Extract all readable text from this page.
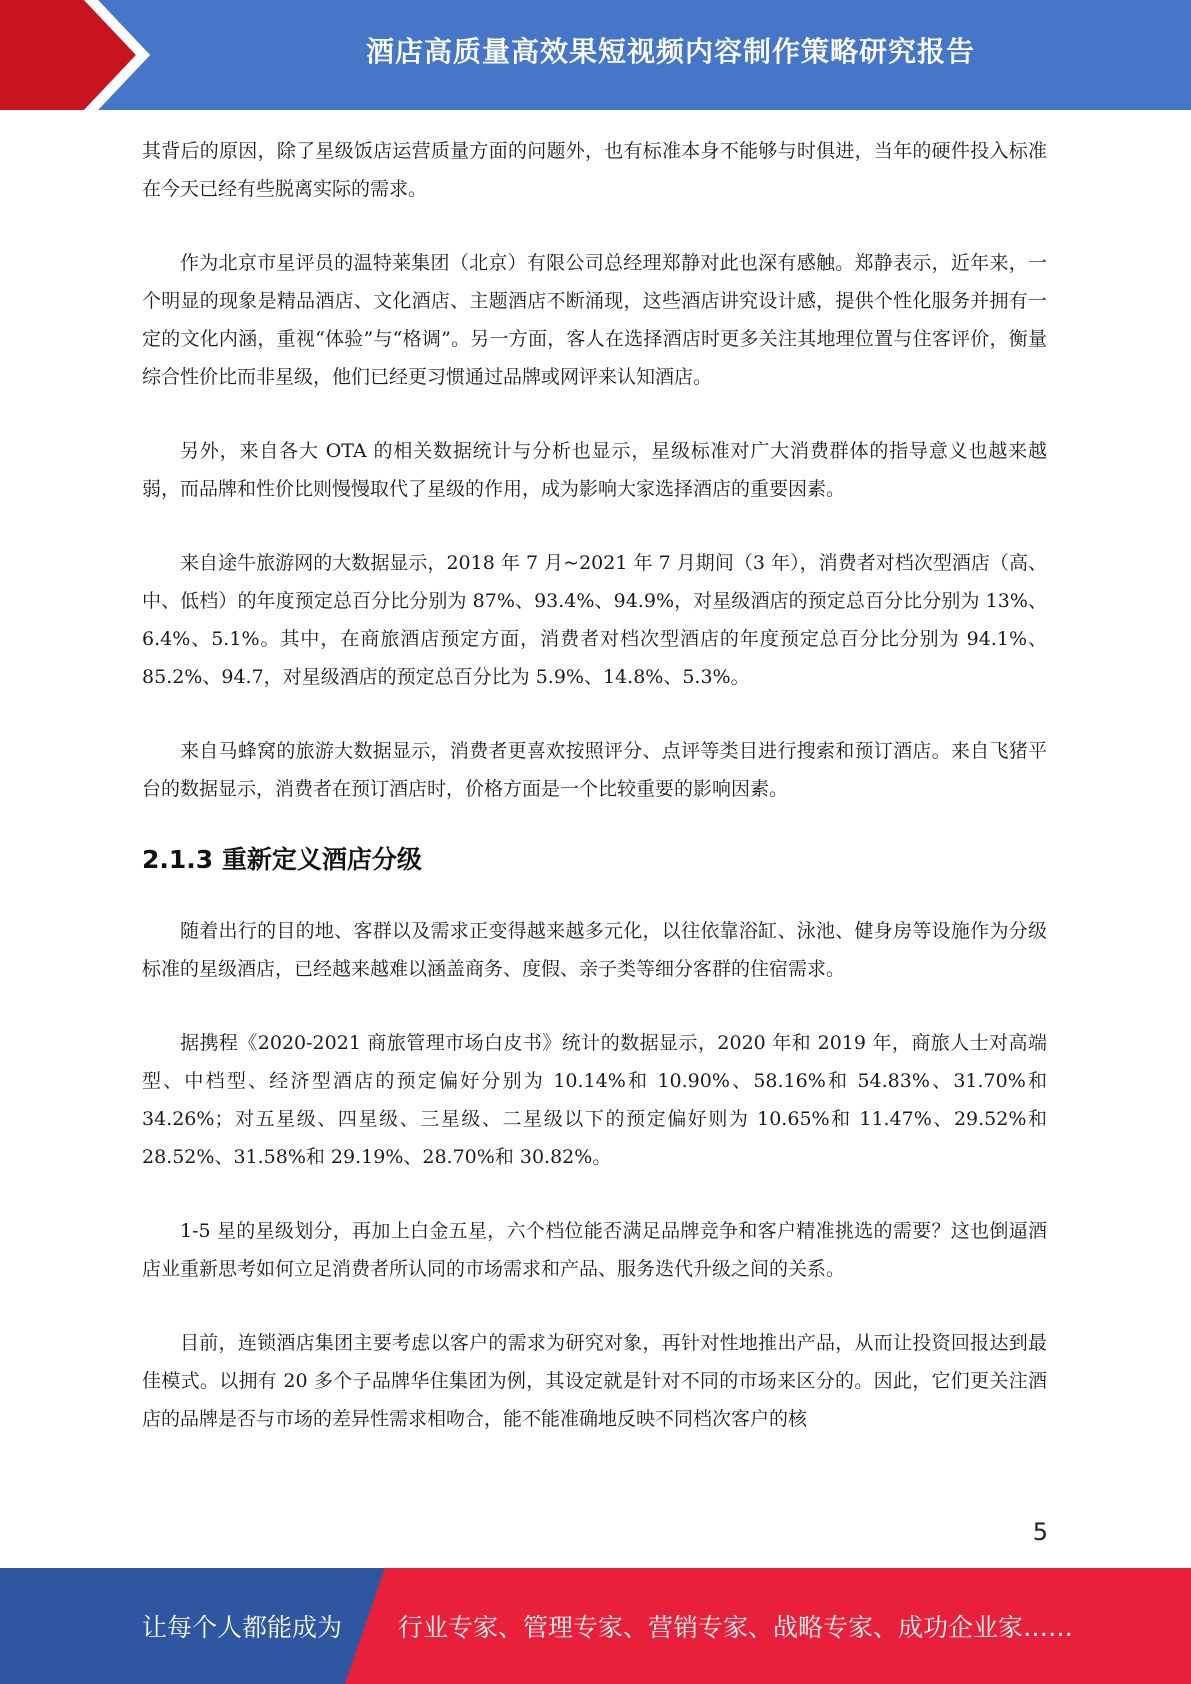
酒店高质量高效果短视频内容制作策略研究报告

其背后的原因，除了星级饭店运营质量方面的问题外，也有标准本身不能够与时俱进，当年的硬件投入标准在今天已经有些脱离实际的需求。

作为北京市星评员的温特莱集团（北京）有限公司总经理郑静对此也深有感触。郑静表示，近年来，一个明显的现象是精品酒店、文化酒店、主题酒店不断涌现，这些酒店讲究设计感，提供个性化服务并拥有一定的文化内涵，重视“体验”与“格调”。另一方面，客人在选择酒店时更多关注其地理位置与住客评价，衡量综合性价比而非星级，他们已经更习惯通过品牌或网评来认知酒店。

另外，来自各大 OTA 的相关数据统计与分析也显示，星级标准对广大消费群体的指导意义也越来越弱，而品牌和性价比则慢慢取代了星级的作用，成为影响大家选择酒店的重要因素。

来自途牛旅游网的大数据显示，2018 年 7 月~2021 年 7 月期间（3 年），消费者对档次型酒店（高、中、低档）的年度预定总百分比分别为 87%、93.4%、94.9%，对星级酒店的预定总百分比分别为 13%、6.4%、5.1%。其中，在商旅酒店预定方面，消费者对档次型酒店的年度预定总百分比分别为 94.1%、85.2%、94.7，对星级酒店的预定总百分比为 5.9%、14.8%、5.3%。

来自马蜂窝的旅游大数据显示，消费者更喜欢按照评分、点评等类目进行搜索和预订酒店。来自飞猪平台的数据显示，消费者在预订酒店时，价格方面是一个比较重要的影响因素。

2.1.3 重新定义酒店分级

随着出行的目的地、客群以及需求正变得越来越多元化，以往依靠浴缸、泳池、健身房等设施作为分级标准的星级酒店，已经越来越难以涵盖商务、度假、亲子类等细分客群的住宿需求。

据携程《2020-2021 商旅管理市场白皮书》统计的数据显示，2020 年和 2019 年，商旅人士对高端型、中档型、经济型酒店的预定偏好分别为 10.14%和 10.90%、58.16%和 54.83%、31.70%和 34.26%；对五星级、四星级、三星级、二星级以下的预定偏好则为 10.65%和 11.47%、29.52%和 28.52%、31.58%和 29.19%、28.70%和 30.82%。

1-5 星的星级划分，再加上白金五星，六个档位能否满足品牌竞争和客户精准挑选的需要？这也倒逼酒店业重新思考如何立足消费者所认同的市场需求和产品、服务迭代升级之间的关系。

目前，连锁酒店集团主要考虑以客户的需求为研究对象，再针对性地推出产品，从而让投资回报达到最佳模式。以拥有 20 多个子品牌华住集团为例，其设定就是针对不同的市场来区分的。因此，它们更关注酒店的品牌是否与市场的差异性需求相吻合，能不能准确地反映不同档次客户的核

5
让每个人都能成为 行业专家、管理专家、营销专家、战略专家、成功企业家……
